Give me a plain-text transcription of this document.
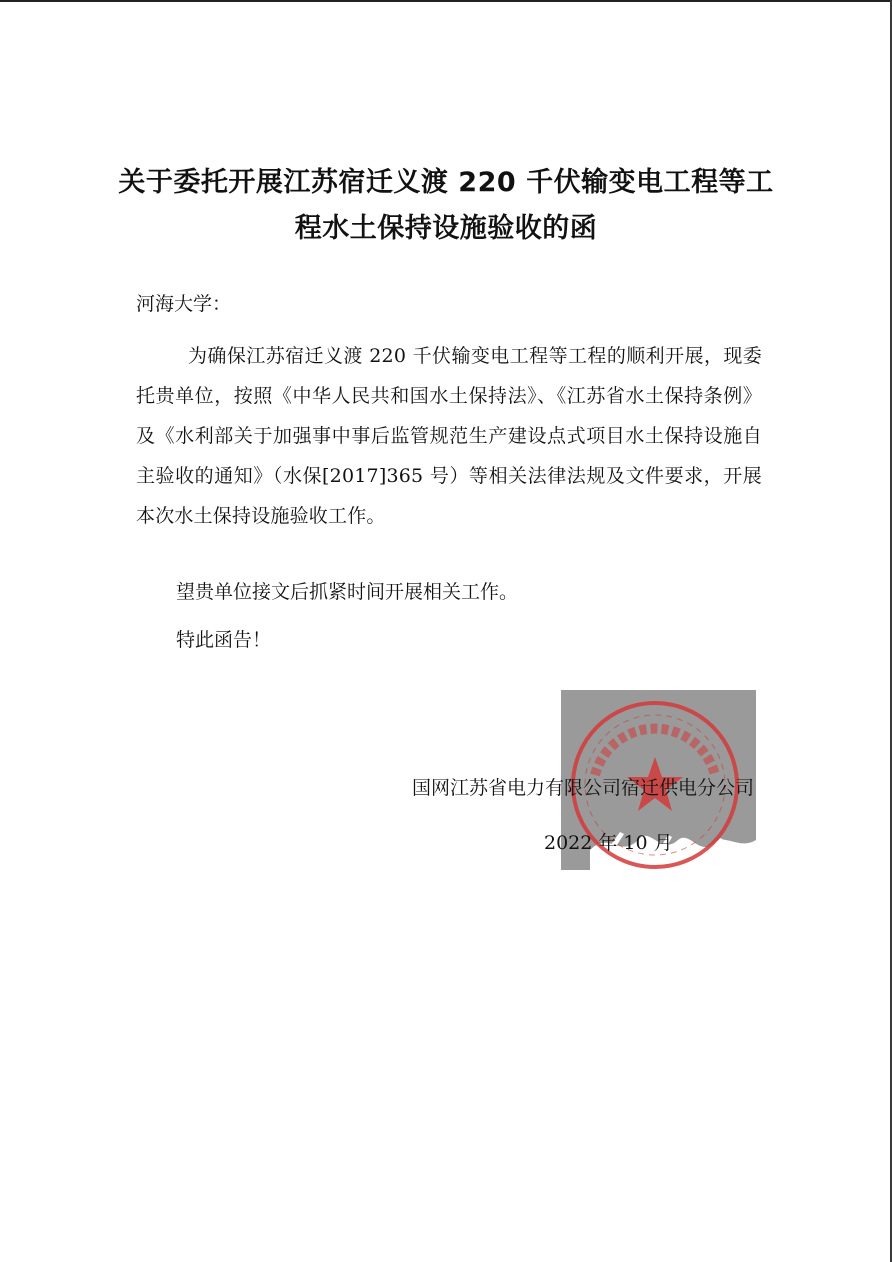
关于委托开展江苏宿迁义渡 220 千伏输变电工程等工
程水土保持设施验收的函
河海大学：
为确保江苏宿迁义渡 220 千伏输变电工程等工程的顺利开展，现委托贵单位，按照《中华人民共和国水土保持法》、《江苏省水土保持条例》及《水利部关于加强事中事后监管规范生产建设点式项目水土保持设施自主验收的通知》（水保[2017]365 号）等相关法律法规及文件要求，开展本次水土保持设施验收工作。
望贵单位接文后抓紧时间开展相关工作。
特此函告！
国网江苏省电力有限公司宿迁供电分公司
2022 年 10 月
